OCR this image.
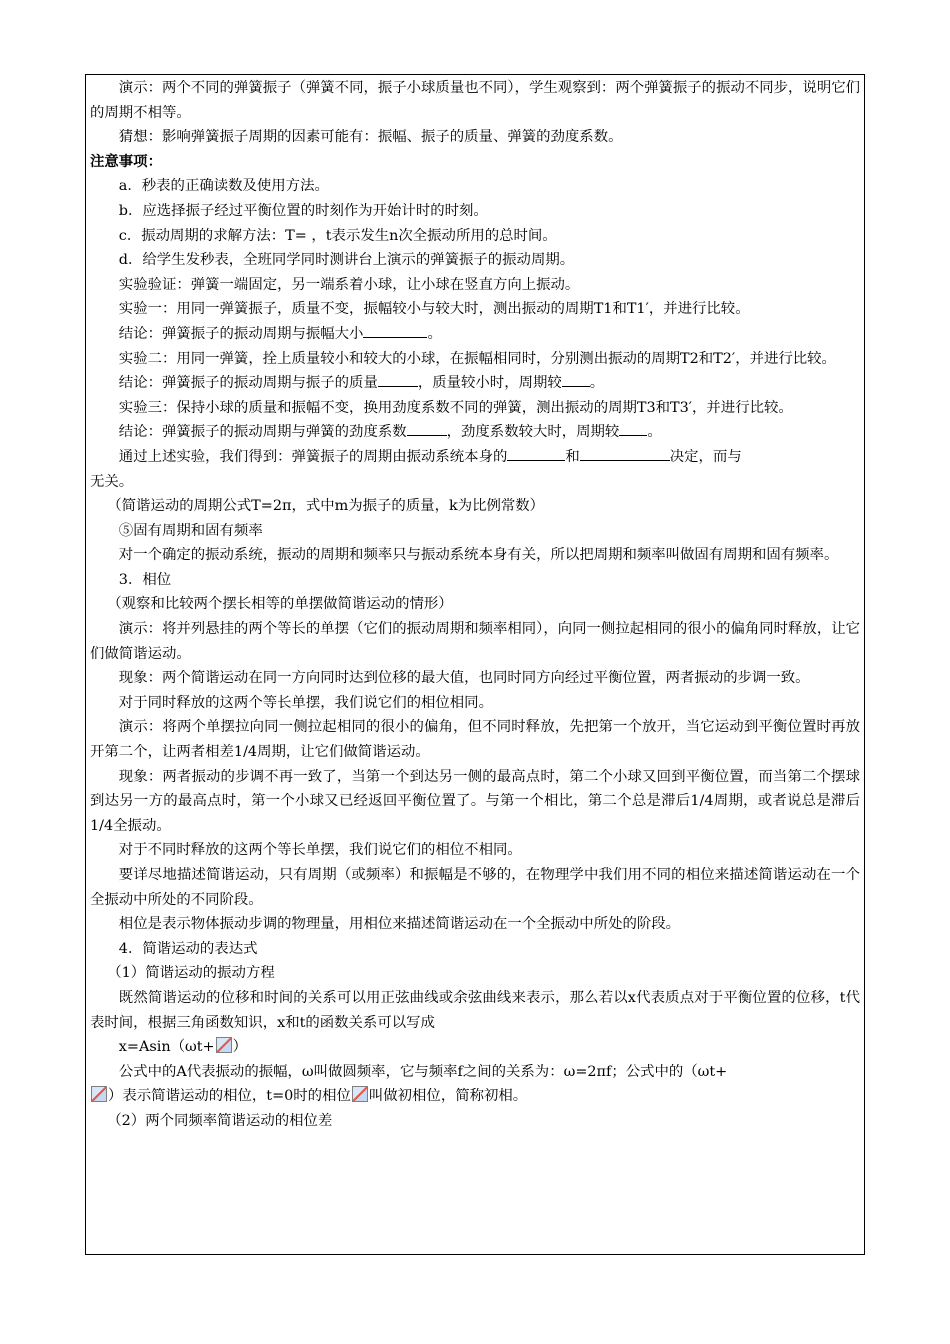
演示：两个不同的弹簧振子（弹簧不同，振子小球质量也不同），学生观察到：两个弹簧振子的振动不同步，说明它们的周期不相等。

猜想：影响弹簧振子周期的因素可能有：振幅、振子的质量、弹簧的劲度系数。

注意事项：

a．秒表的正确读数及使用方法。

b．应选择振子经过平衡位置的时刻作为开始计时的时刻。

c．振动周期的求解方法：T= ，t表示发生n次全振动所用的总时间。

d．给学生发秒表，全班同学同时测讲台上演示的弹簧振子的振动周期。

实验验证：弹簧一端固定，另一端系着小球，让小球在竖直方向上振动。

实验一：用同一弹簧振子，质量不变，振幅较小与较大时，测出振动的周期T1和T1′，并进行比较。

结论：弹簧振子的振动周期与振幅大小	。

实验二：用同一弹簧，拴上质量较小和较大的小球，在振幅相同时，分别测出振动的周期T2和T2′，并进行比较。

结论：弹簧振子的振动周期与振子的质量	，质量较小时，周期较 。

实验三：保持小球的质量和振幅不变，换用劲度系数不同的弹簧，测出振动的周期T3和T3′，并进行比较。

结论：弹簧振子的振动周期与弹簧的劲度系数	，劲度系数较大时，周期较 。

通过上述实验，我们得到：弹簧振子的周期由振动系统本身的	和	决定，而与
无关。

（简谐运动的周期公式T=2π，式中m为振子的质量，k为比例常数）

⑤固有周期和固有频率

对一个确定的振动系统，振动的周期和频率只与振动系统本身有关，所以把周期和频率叫做固有周期和固有频率。

3．相位

（观察和比较两个摆长相等的单摆做简谐运动的情形）

演示：将并列悬挂的两个等长的单摆（它们的振动周期和频率相同），向同一侧拉起相同的很小的偏角同时释放，让它们做简谐运动。

现象：两个简谐运动在同一方向同时达到位移的最大值，也同时同方向经过平衡位置，两者振动的步调一致。

对于同时释放的这两个等长单摆，我们说它们的相位相同。

演示：将两个单摆拉向同一侧拉起相同的很小的偏角，但不同时释放，先把第一个放开，当它运动到平衡位置时再放开第二个，让两者相差1/4周期，让它们做简谐运动。

现象：两者振动的步调不再一致了，当第一个到达另一侧的最高点时，第二个小球又回到平衡位置，而当第二个摆球到达另一方的最高点时，第一个小球又已经返回平衡位置了。与第一个相比，第二个总是滞后1/4周期，或者说总是滞后1/4全振动。

对于不同时释放的这两个等长单摆，我们说它们的相位不相同。

要详尽地描述简谐运动，只有周期（或频率）和振幅是不够的，在物理学中我们用不同的相位来描述简谐运动在一个全振动中所处的不同阶段。

相位是表示物体振动步调的物理量，用相位来描述简谐运动在一个全振动中所处的阶段。

4．简谐运动的表达式

（1）简谐运动的振动方程

既然简谐运动的位移和时间的关系可以用正弦曲线或余弦曲线来表示，那么若以x代表质点对于平衡位置的位移，t代表时间，根据三角函数知识，x和t的函数关系可以写成

x=Asin（ωt+ ）

公式中的A代表振动的振幅，ω叫做圆频率，它与频率f之间的关系为：ω=2πf；公式中的（ωt+
）表示简谐运动的相位，t=0时的相位 叫做初相位，简称初相。

（2）两个同频率简谐运动的相位差
